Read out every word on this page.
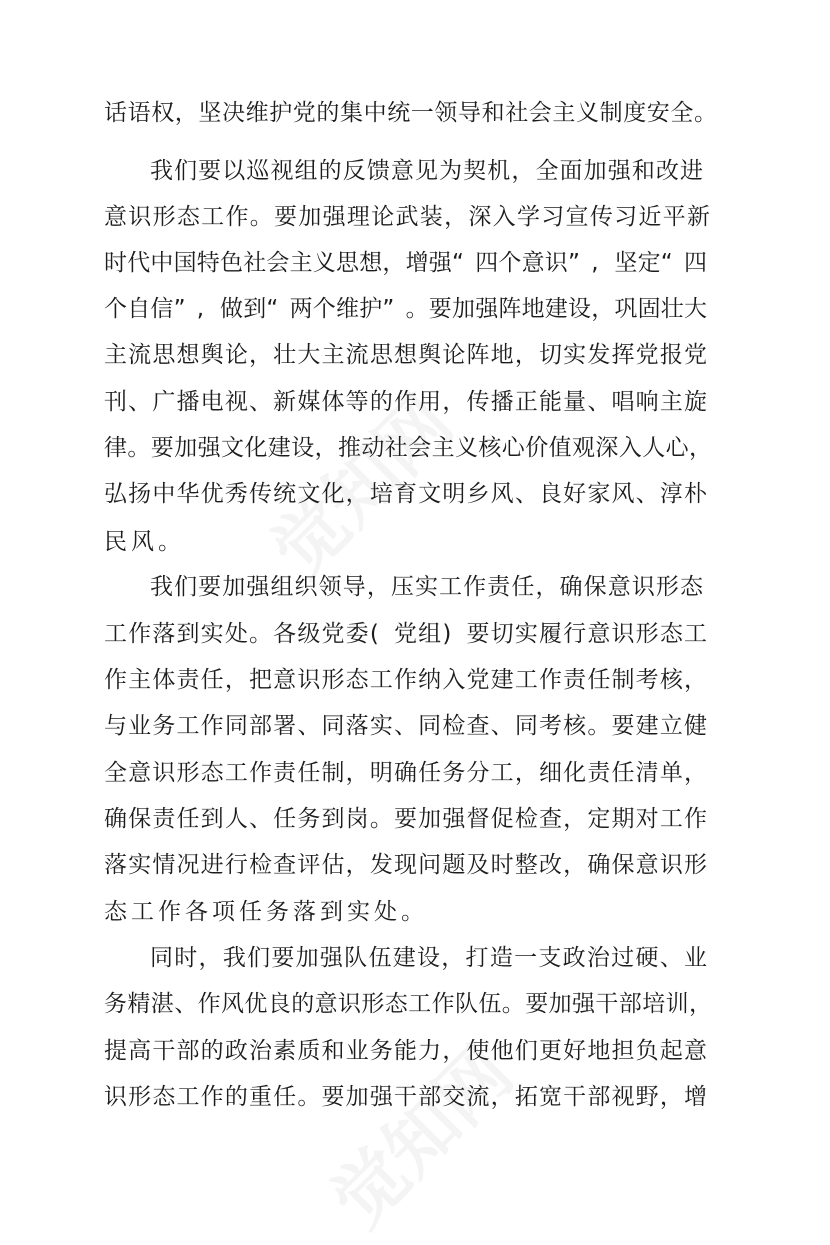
话 语 权 ， 坚 决 维 护 党 的 集 中 统 一 领 导 和 社 会 主 义 制 度 安 全 。
我 们 要 以 巡 视 组 的 反 馈 意 见 为 契 机 ， 全 面 加 强 和 改 进
意 识 形 态 工 作 。 要 加 强 理 论 武 装 ， 深 入 学 习 宣 传 习 近 平 新
时 代 中 国 特 色 社 会 主 义 思 想 ， 增 强 “ 四 个 意 识 ” , 坚 定 “ 四
个 自 信 ” , 做 到 “ 两 个 维 护 ” 。 要 加 强 阵 地 建 设 ， 巩 固 壮 大
主 流 思 想 舆 论 ， 壮 大 主 流 思 想 舆 论 阵 地 ， 切 实 发 挥 党 报 党
刊 、 广 播 电 视 、 新 媒 体 等 的 作 用 ， 传 播 正 能 量 、 唱 响 主 旋
律 。 要 加 强 文 化 建 设 ， 推 动 社 会 主 义 核 心 价 值 观 深 入 人 心 ，
弘 扬 中 华 优 秀 传 统 文 化 ， 培 育 文 明 乡 风 、 良 好 家 风 、 淳 朴
民风。
我 们 要 加 强 组 织 领 导 ， 压 实 工 作 责 任 ， 确 保 意 识 形 态
工 作 落 到 实 处 。 各 级 党 委 ( 党 组 ) 要 切 实 履 行 意 识 形 态 工
作 主 体 责 任 ， 把 意 识 形 态 工 作 纳 入 党 建 工 作 责 任 制 考 核 ，
与 业 务 工 作 同 部 署 、 同 落 实 、 同 检 查 、 同 考 核 。 要 建 立 健
全 意 识 形 态 工 作 责 任 制 ， 明 确 任 务 分 工 ， 细 化 责 任 清 单 ，
确 保 责 任 到 人 、 任 务 到 岗 。 要 加 强 督 促 检 查 ， 定 期 对 工 作
落 实 情 况 进 行 检 查 评 估 ， 发 现 问 题 及 时 整 改 ， 确 保 意 识 形
态工作各项任务落到实处。
同 时 ， 我 们 要 加 强 队 伍 建 设 ， 打 造 一 支 政 治 过 硬 、 业
务 精 湛 、 作 风 优 良 的 意 识 形 态 工 作 队 伍 。 要 加 强 干 部 培 训 ，
提 高 干 部 的 政 治 素 质 和 业 务 能 力 ， 使 他 们 更 好 地 担 负 起 意
识 形 态 工 作 的 重 任 。 要 加 强 干 部 交 流 ， 拓 宽 干 部 视 野 ， 增
